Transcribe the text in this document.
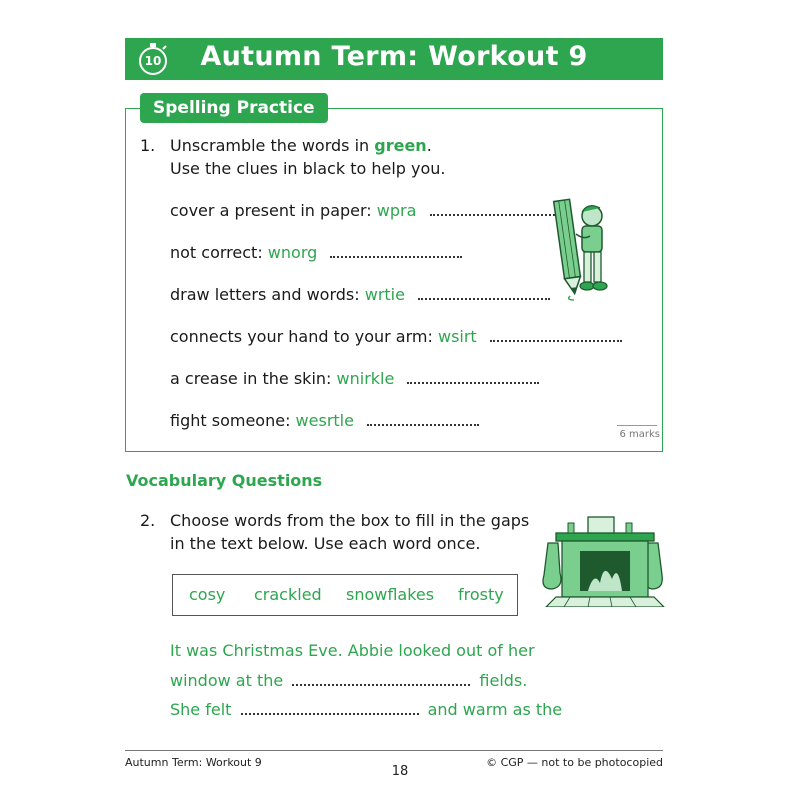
10	Autumn Term: Workout 9
Spelling Practice
1. Unscramble the words in green.
Use the clues in black to help you.
cover a present in paper: wpra
not correct: wnorg
draw letters and words: wrtie
connects your hand to your arm: wsirt
a crease in the skin: wnirkle
fight someone: wesrtle
6 marks
Vocabulary Questions
2. Choose words from the box to fill in the gaps
in the text below. Use each word once.
cosy crackled snowflakes frosty
It was Christmas Eve. Abbie looked out of her
window at the	fields.
She felt	and warm as the
Autumn Term: Workout 9	© CGP — not to be photocopied
18
